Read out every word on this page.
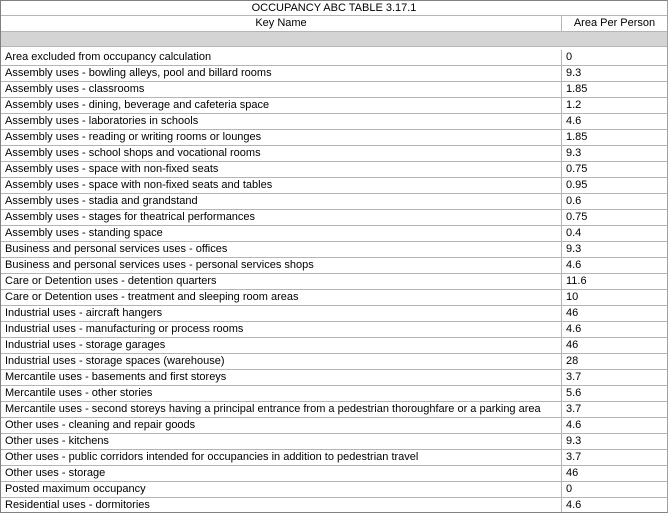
OCCUPANCY ABC TABLE 3.17.1
Key Name	Area Per Person
Area excluded from occupancy calculation	0
Assembly uses - bowling alleys, pool and billard rooms	9.3
Assembly uses - classrooms	1.85
Assembly uses - dining, beverage and cafeteria space	1.2
Assembly uses - laboratories in schools	4.6
Assembly uses - reading or writing rooms or lounges	1.85
Assembly uses - school shops and vocational rooms	9.3
Assembly uses - space with non-fixed seats	0.75
Assembly uses - space with non-fixed seats and tables	0.95
Assembly uses - stadia and grandstand	0.6
Assembly uses - stages for theatrical performances	0.75
Assembly uses - standing space	0.4
Business and personal services uses - offices	9.3
Business and personal services uses - personal services shops	4.6
Care or Detention uses - detention quarters	11.6
Care or Detention uses - treatment and sleeping room areas	10
Industrial uses - aircraft hangers	46
Industrial uses - manufacturing or process rooms	4.6
Industrial uses - storage garages	46
Industrial uses - storage spaces (warehouse)	28
Mercantile uses - basements and first storeys	3.7
Mercantile uses - other stories	5.6
Mercantile uses - second storeys having a principal entrance from a pedestrian thoroughfare or a parking area	3.7
Other uses - cleaning and repair goods	4.6
Other uses - kitchens	9.3
Other uses - public corridors intended for occupancies in addition to pedestrian travel	3.7
Other uses - storage	46
Posted maximum occupancy	0
Residential uses - dormitories	4.6
